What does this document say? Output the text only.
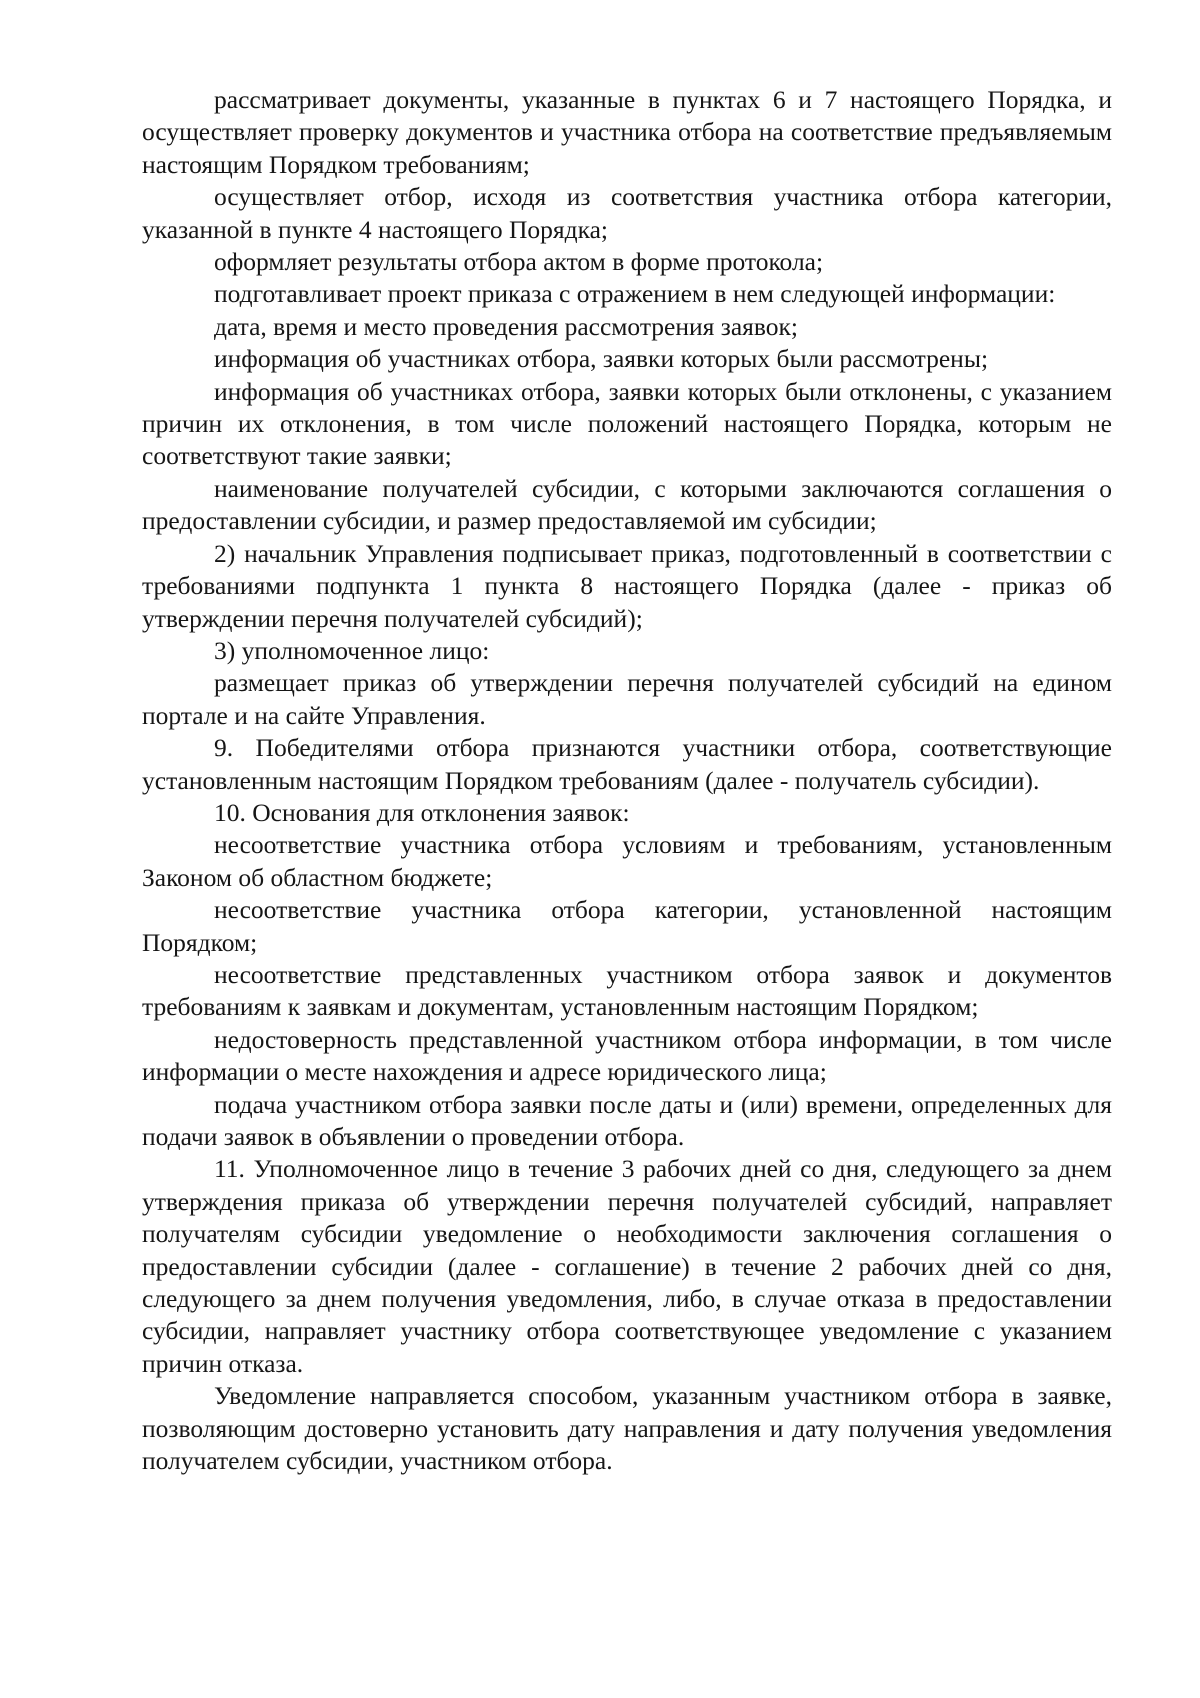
рассматривает документы, указанные в пунктах 6 и 7 настоящего Порядка, и осуществляет проверку документов и участника отбора на соответствие предъявляемым настоящим Порядком требованиям;

осуществляет отбор, исходя из соответствия участника отбора категории, указанной в пункте 4 настоящего Порядка;

оформляет результаты отбора актом в форме протокола;

подготавливает проект приказа с отражением в нем следующей информации:

дата, время и место проведения рассмотрения заявок;

информация об участниках отбора, заявки которых были рассмотрены;

информация об участниках отбора, заявки которых были отклонены, с указанием причин их отклонения, в том числе положений настоящего Порядка, которым не соответствуют такие заявки;

наименование получателей субсидии, с которыми заключаются соглашения о предоставлении субсидии, и размер предоставляемой им субсидии;

2) начальник Управления подписывает приказ, подготовленный в соответствии с требованиями подпункта 1 пункта 8 настоящего Порядка (далее - приказ об утверждении перечня получателей субсидий);

3) уполномоченное лицо:

размещает приказ об утверждении перечня получателей субсидий на едином портале и на сайте Управления.

9. Победителями отбора признаются участники отбора, соответствующие установленным настоящим Порядком требованиям (далее - получатель субсидии).

10. Основания для отклонения заявок:

несоответствие участника отбора условиям и требованиям, установленным Законом об областном бюджете;

несоответствие участника отбора категории, установленной настоящим Порядком;

несоответствие представленных участником отбора заявок и документов требованиям к заявкам и документам, установленным настоящим Порядком;

недостоверность представленной участником отбора информации, в том числе информации о месте нахождения и адресе юридического лица;

подача участником отбора заявки после даты и (или) времени, определенных для подачи заявок в объявлении о проведении отбора.

11. Уполномоченное лицо в течение 3 рабочих дней со дня, следующего за днем утверждения приказа об утверждении перечня получателей субсидий, направляет получателям субсидии уведомление о необходимости заключения соглашения о предоставлении субсидии (далее - соглашение) в течение 2 рабочих дней со дня, следующего за днем получения уведомления, либо, в случае отказа в предоставлении субсидии, направляет участнику отбора соответствующее уведомление с указанием причин отказа.

Уведомление направляется способом, указанным участником отбора в заявке, позволяющим достоверно установить дату направления и дату получения уведомления получателем субсидии, участником отбора.
